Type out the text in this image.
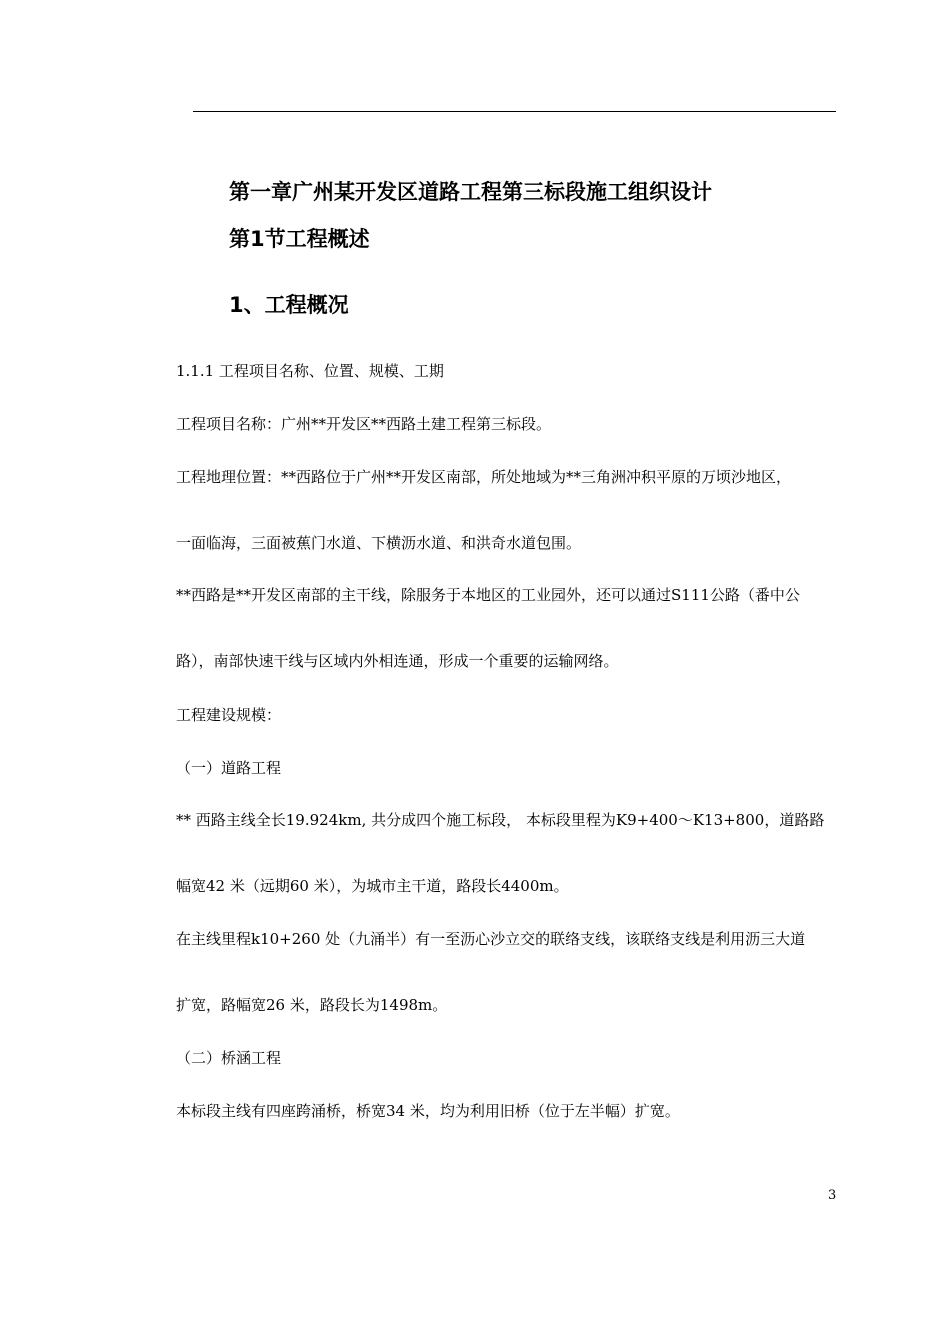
第一章广州某开发区道路工程第三标段施工组织设计
第1节工程概述
1、工程概况
1.1.1 工程项目名称、位置、规模、工期
工程项目名称：广州**开发区**西路土建工程第三标段。
工程地理位置：**西路位于广州**开发区南部，所处地域为**三角洲冲积平原的万顷沙地区，
一面临海，三面被蕉门水道、下横沥水道、和洪奇水道包围。
**西路是**开发区南部的主干线，除服务于本地区的工业园外，还可以通过S111公路（番中公
路），南部快速干线与区域内外相连通，形成一个重要的运输网络。
工程建设规模：
（一）道路工程
** 西路主线全长19.924km, 共分成四个施工标段， 本标段里程为K9+400～K13+800，道路路
幅宽42 米（远期60 米），为城市主干道，路段长4400m。
在主线里程k10+260 处（九涌半）有一至沥心沙立交的联络支线，该联络支线是利用沥三大道
扩宽，路幅宽26 米，路段长为1498m。
（二）桥涵工程
本标段主线有四座跨涌桥，桥宽34 米，均为利用旧桥（位于左半幅）扩宽。
3
